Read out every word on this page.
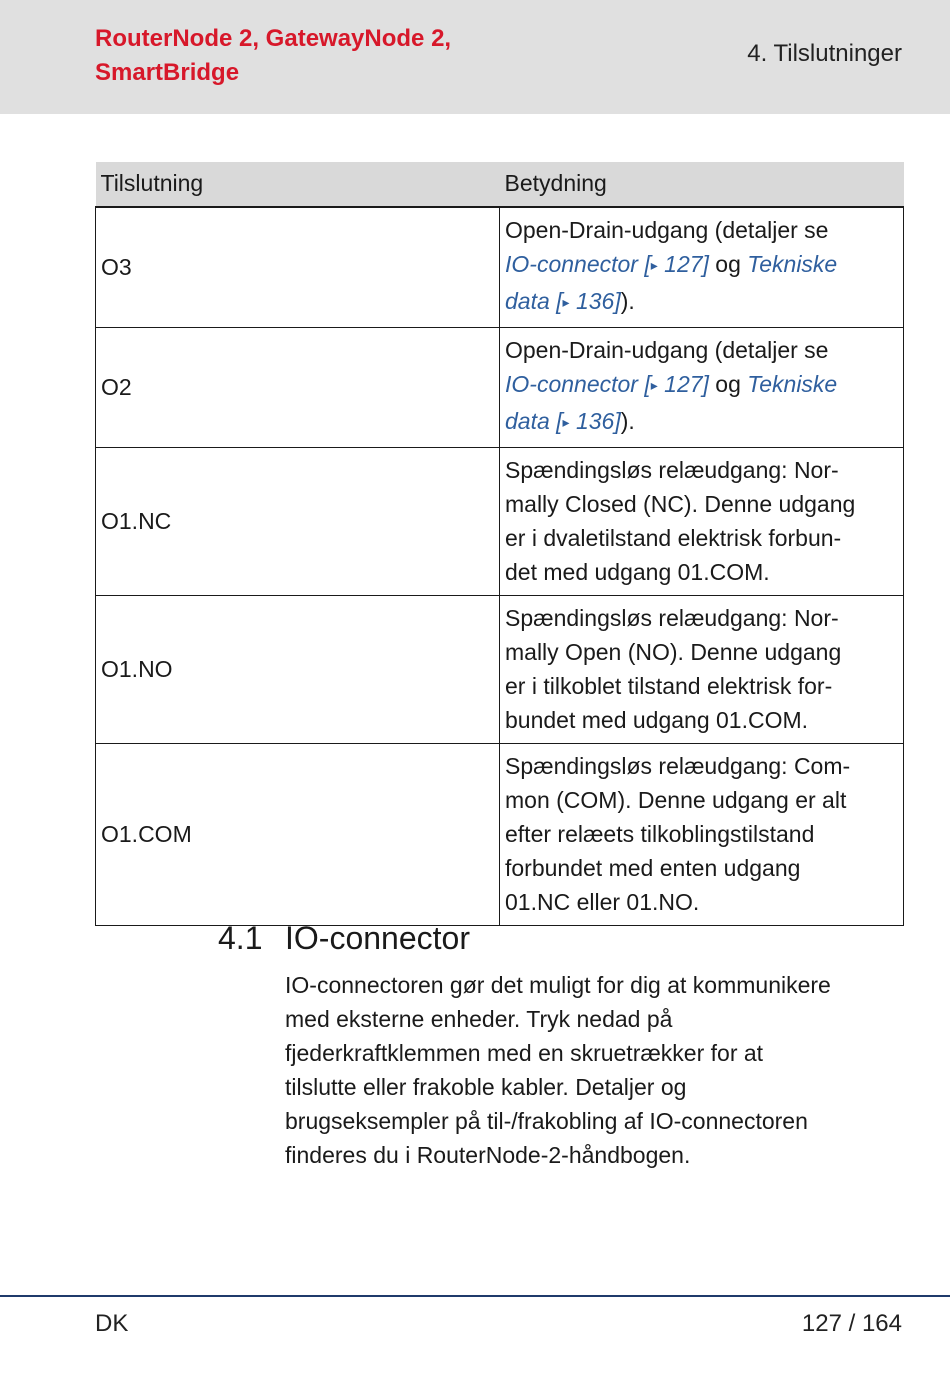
RouterNode 2, GatewayNode 2,
SmartBridge
4. Tilslutninger
Tilslutning	Betydning
O3	Open-Drain-udgang (detaljer se
IO-connector [▸ 127] og Tekniske
data [▸ 136]).
O2	Open-Drain-udgang (detaljer se
IO-connector [▸ 127] og Tekniske
data [▸ 136]).
O1.NC	Spændingsløs relæudgang: Nor-
mally Closed (NC). Denne udgang
er i dvaletilstand elektrisk forbun-
det med udgang 01.COM.
O1.NO	Spændingsløs relæudgang: Nor-
mally Open (NO). Denne udgang
er i tilkoblet tilstand elektrisk for-
bundet med udgang 01.COM.
O1.COM	Spændingsløs relæudgang: Com-
mon (COM). Denne udgang er alt
efter relæets tilkoblingstilstand
forbundet med enten udgang
01.NC eller 01.NO.
4.1 IO-connector
IO-connectoren gør det muligt for dig at kommunikere
med eksterne enheder. Tryk nedad på
fjederkraftklemmen med en skruetrækker for at
tilslutte eller frakoble kabler. Detaljer og
brugseksempler på til-/frakobling af IO-connectoren
finderes du i RouterNode-2-håndbogen.
DK	127 / 164
